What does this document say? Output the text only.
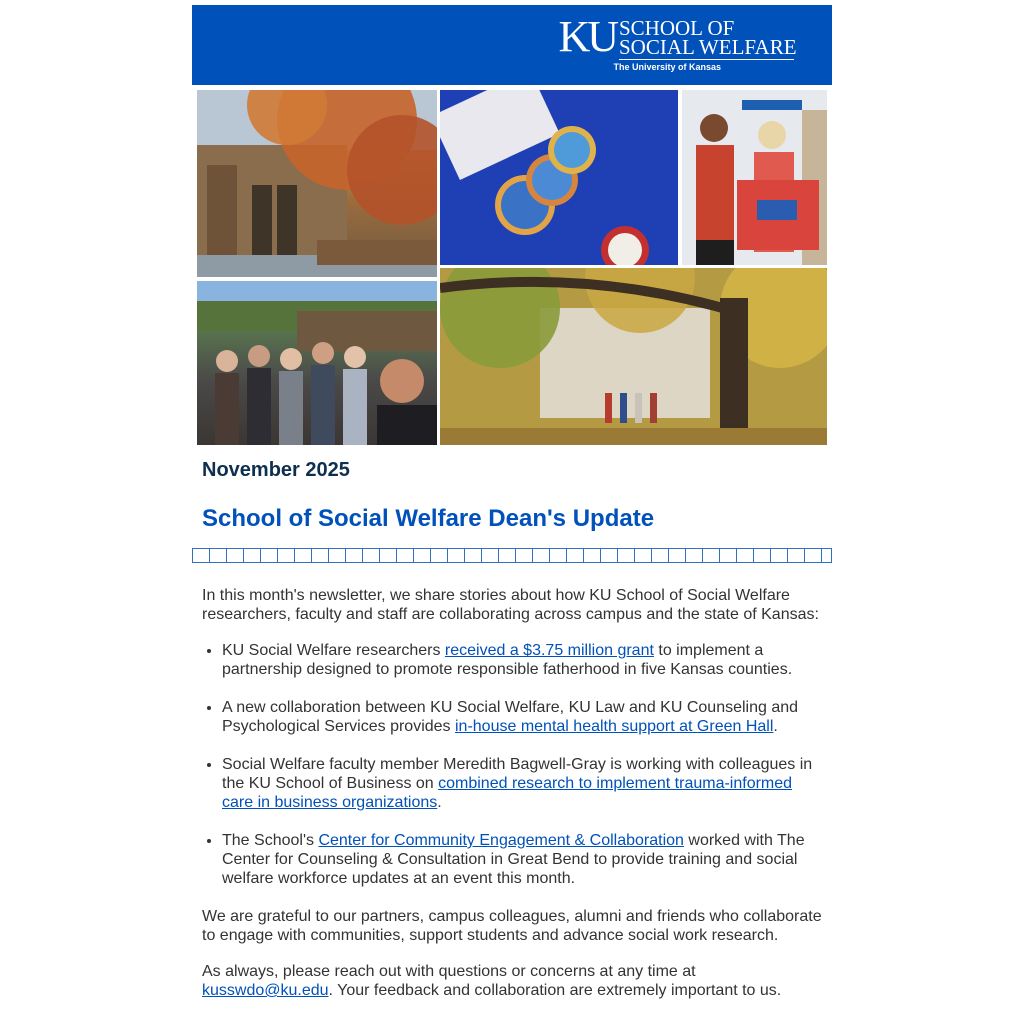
KU SCHOOL OF
SOCIAL WELFARE
The University of Kansas
November 2025
School of Social Welfare Dean's Update

In this month's newsletter, we share stories about how KU School of Social Welfare researchers, faculty and staff are collaborating across campus and the state of Kansas:

• KU Social Welfare researchers received a $3.75 million grant to implement a partnership designed to promote responsible fatherhood in five Kansas counties.
• A new collaboration between KU Social Welfare, KU Law and KU Counseling and Psychological Services provides in-house mental health support at Green Hall.
• Social Welfare faculty member Meredith Bagwell-Gray is working with colleagues in the KU School of Business on combined research to implement trauma-informed care in business organizations.
• The School's Center for Community Engagement & Collaboration worked with The Center for Counseling & Consultation in Great Bend to provide training and social welfare workforce updates at an event this month.

We are grateful to our partners, campus colleagues, alumni and friends who collaborate to engage with communities, support students and advance social work research.

As always, please reach out with questions or concerns at any time at kusswdo@ku.edu. Your feedback and collaboration are extremely important to us.
